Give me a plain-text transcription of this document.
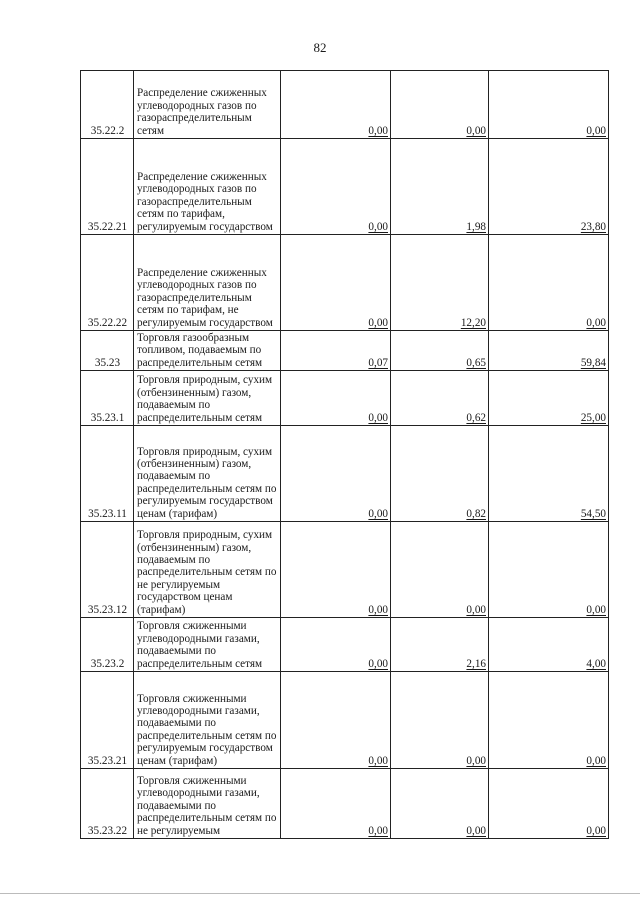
82
35.22.2	Распределение сжиженных углеводородных газов по газораспределительным сетям	0,00	0,00	0,00
35.22.21	Распределение сжиженных углеводородных газов по газораспределительным сетям по тарифам, регулируемым государством	0,00	1,98	23,80
35.22.22	Распределение сжиженных углеводородных газов по газораспределительным сетям по тарифам, не регулируемым государством	0,00	12,20	0,00
35.23	Торговля газообразным топливом, подаваемым по распределительным сетям	0,07	0,65	59,84
35.23.1	Торговля природным, сухим (отбензиненным) газом, подаваемым по распределительным сетям	0,00	0,62	25,00
35.23.11	Торговля природным, сухим (отбензиненным) газом, подаваемым по распределительным сетям по регулируемым государством ценам (тарифам)	0,00	0,82	54,50
35.23.12	Торговля природным, сухим (отбензиненным) газом, подаваемым по распределительным сетям по не регулируемым государством ценам (тарифам)	0,00	0,00	0,00
35.23.2	Торговля сжиженными углеводородными газами, подаваемыми по распределительным сетям	0,00	2,16	4,00
35.23.21	Торговля сжиженными углеводородными газами, подаваемыми по распределительным сетям по регулируемым государством ценам (тарифам)	0,00	0,00	0,00
35.23.22	Торговля сжиженными углеводородными газами, подаваемыми по распределительным сетям по не регулируемым	0,00	0,00	0,00
